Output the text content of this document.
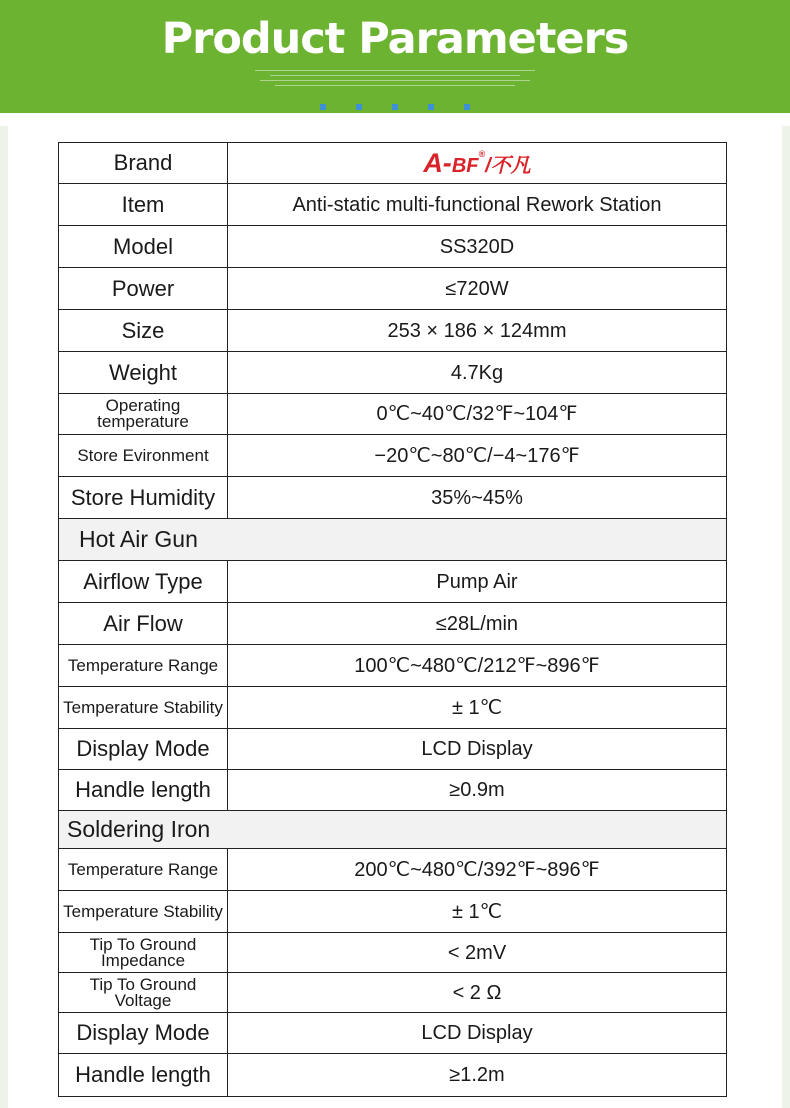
Product Parameters
Brand	A-BF®/不凡
Item	Anti-static multi-functional Rework Station
Model	SS320D
Power	≤720W
Size	253 × 186 × 124mm
Weight	4.7Kg
Operating temperature	0℃~40℃/32℉~104℉
Store Evironment	−20℃~80℃/−4~176℉
Store Humidity	35%~45%
Hot Air Gun	
Airflow Type	Pump Air
Air Flow	≤28L/min
Temperature Range	100℃~480℃/212℉~896℉
Temperature Stability	± 1℃
Display Mode	LCD Display
Handle length	≥0.9m
Soldering Iron	
Temperature Range	200℃~480℃/392℉~896℉
Temperature Stability	± 1℃
Tip To Ground Impedance	< 2mV
Tip To Ground Voltage	< 2 Ω
Display Mode	LCD Display
Handle length	≥1.2m
